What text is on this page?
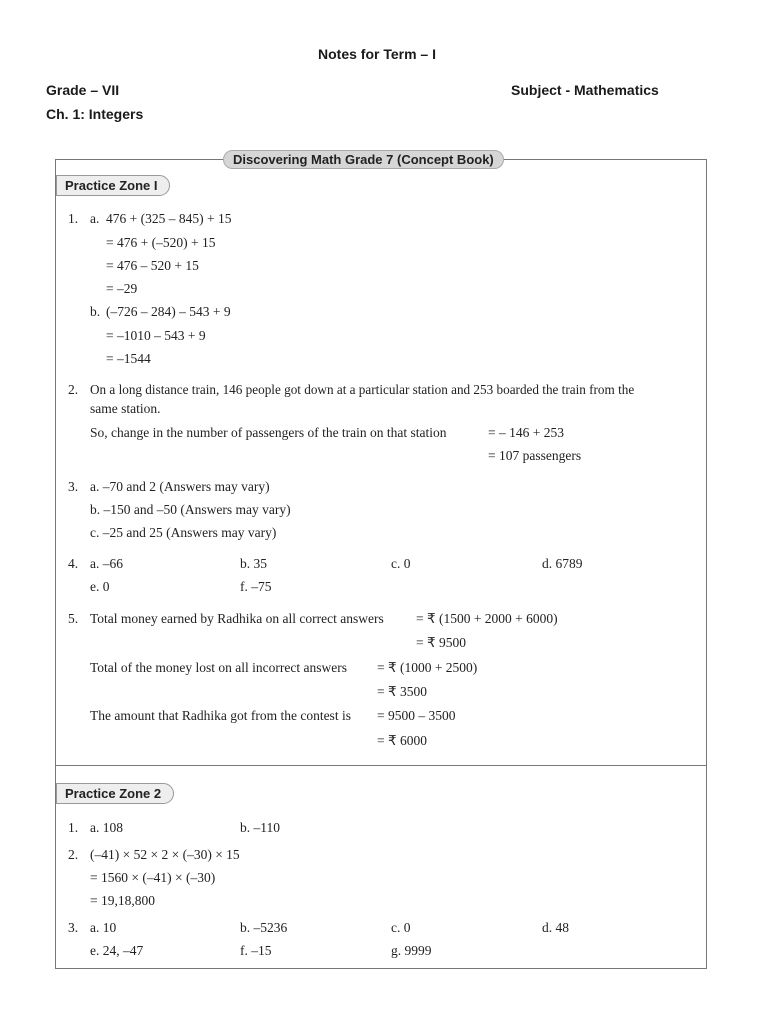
Notes for Term – I
Grade – VII	Subject - Mathematics
Ch. 1: Integers
Discovering Math Grade 7 (Concept Book)
Practice Zone I
1. a. 476 + (325 – 845) + 15
= 476 + (–520) + 15
= 476 – 520 + 15
= –29
b. (–726 – 284) – 543 + 9
= –1010 – 543 + 9
= –1544
2. On a long distance train, 146 people got down at a particular station and 253 boarded the train from the
same station.
So, change in the number of passengers of the train on that station	= – 146 + 253
= 107 passengers
3. a. –70 and 2 (Answers may vary)
b. –150 and –50 (Answers may vary)
c. –25 and 25 (Answers may vary)
4. a. –66	b. 35	c. 0	d. 6789
e. 0	f. –75
5. Total money earned by Radhika on all correct answers = ₹ (1500 + 2000 + 6000)
= ₹ 9500
Total of the money lost on all incorrect answers = ₹ (1000 + 2500)
= ₹ 3500
The amount that Radhika got from the contest is = 9500 – 3500
= ₹ 6000
Practice Zone 2
1. a. 108	b. –110
2. (–41) × 52 × 2 × (–30) × 15
= 1560 × (–41) × (–30)
= 19,18,800
3. a. 10	b. –5236	c. 0	d. 48
e. 24, –47	f. –15	g. 9999
